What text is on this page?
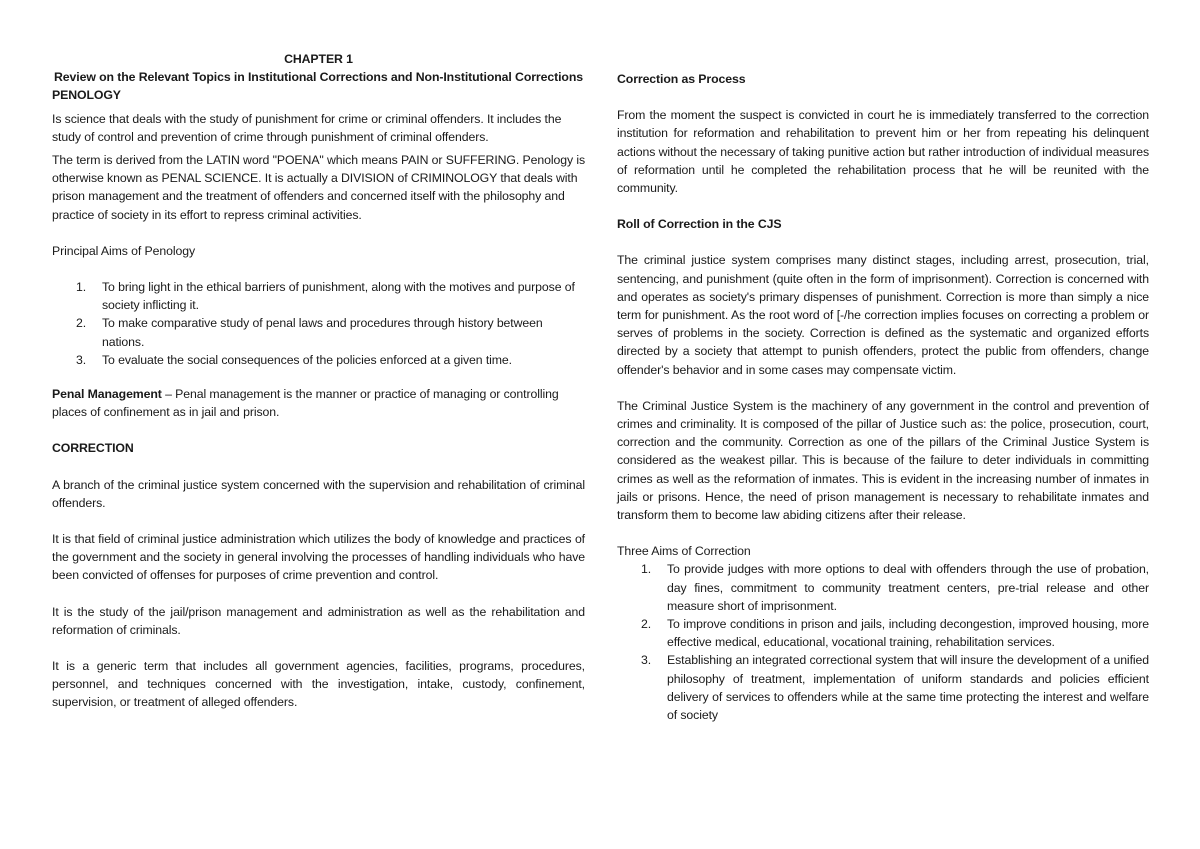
CHAPTER 1

Review on the Relevant Topics in Institutional Corrections and Non-Institutional Corrections

PENOLOGY

Is science that deals with the study of punishment for crime or criminal offenders. It includes the study of control and prevention of crime through punishment of criminal offenders.

The term is derived from the LATIN word "POENA" which means PAIN or SUFFERING. Penology is otherwise known as PENAL SCIENCE. It is actually a DIVISION of CRIMINOLOGY that deals with prison management and the treatment of offenders and concerned itself with the philosophy and practice of society in its effort to repress criminal activities.

Principal Aims of Penology

1. To bring light in the ethical barriers of punishment, along with the motives and purpose of society inflicting it.
2. To make comparative study of penal laws and procedures through history between nations.
3. To evaluate the social consequences of the policies enforced at a given time.

Penal Management – Penal management is the manner or practice of managing or controlling places of confinement as in jail and prison.

CORRECTION

A branch of the criminal justice system concerned with the supervision and rehabilitation of criminal offenders.

It is that field of criminal justice administration which utilizes the body of knowledge and practices of the government and the society in general involving the processes of handling individuals who have been convicted of offenses for purposes of crime prevention and control.

It is the study of the jail/prison management and administration as well as the rehabilitation and reformation of criminals.

It is a generic term that includes all government agencies, facilities, programs, procedures, personnel, and techniques concerned with the investigation, intake, custody, confinement, supervision, or treatment of alleged offenders.

Correction as Process

From the moment the suspect is convicted in court he is immediately transferred to the correction institution for reformation and rehabilitation to prevent him or her from repeating his delinquent actions without the necessary of taking punitive action but rather introduction of individual measures of reformation until he completed the rehabilitation process that he will be reunited with the community.

Roll of Correction in the CJS

The criminal justice system comprises many distinct stages, including arrest, prosecution, trial, sentencing, and punishment (quite often in the form of imprisonment). Correction is concerned with and operates as society's primary dispenses of punishment. Correction is more than simply a nice term for punishment. As the root word of [-/he correction implies focuses on correcting a problem or serves of problems in the society. Correction is defined as the systematic and organized efforts directed by a society that attempt to punish offenders, protect the public from offenders, change offender's behavior and in some cases may compensate victim.

The Criminal Justice System is the machinery of any government in the control and prevention of crimes and criminality. It is composed of the pillar of Justice such as: the police, prosecution, court, correction and the community. Correction as one of the pillars of the Criminal Justice System is considered as the weakest pillar. This is because of the failure to deter individuals in committing crimes as well as the reformation of inmates. This is evident in the increasing number of inmates in jails or prisons. Hence, the need of prison management is necessary to rehabilitate inmates and transform them to become law abiding citizens after their release.

Three Aims of Correction

1. To provide judges with more options to deal with offenders through the use of probation, day fines, commitment to community treatment centers, pre-trial release and other measure short of imprisonment.
2. To improve conditions in prison and jails, including decongestion, improved housing, more effective medical, educational, vocational training, rehabilitation services.
3. Establishing an integrated correctional system that will insure the development of a unified philosophy of treatment, implementation of uniform standards and policies efficient delivery of services to offenders while at the same time protecting the interest and welfare of society
